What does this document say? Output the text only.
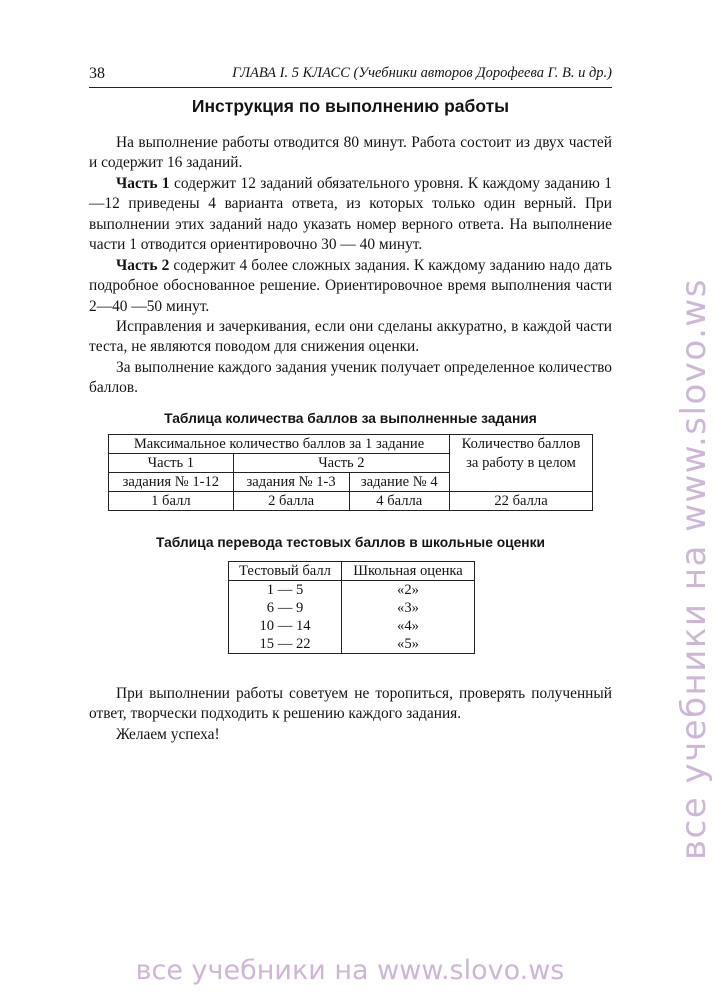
38	ГЛАВА I. 5 КЛАСС (Учебники авторов Дорофеева Г. В. и др.)
Инструкция по выполнению работы

На выполнение работы отводится 80 минут. Работа состоит из двух частей и содержит 16 заданий.

Часть 1 содержит 12 заданий обязательного уровня. К каждому заданию 1—12 приведены 4 варианта ответа, из которых только один верный. При выполнении этих заданий надо указать номер верного ответа. На выполнение части 1 отводится ориентировочно 30 — 40 минут.

Часть 2 содержит 4 более сложных задания. К каждому заданию надо дать подробное обоснованное решение. Ориентировочное время выполнения части 2—40 —50 минут.

Исправления и зачеркивания, если они сделаны аккуратно, в каждой части теста, не являются поводом для снижения оценки.

За выполнение каждого задания ученик получает определенное количество баллов.

Таблица количества баллов за выполненные задания
Максимальное количество баллов за 1 задание			Количество баллов
Часть 1	Часть 2		за работу в целом
задания № 1-12	задания № 1-3	задание № 4	
1 балл	2 балла	4 балла	22 балла
Таблица перевода тестовых баллов в школьные оценки
Тестовый балл	Школьная оценка
1 — 5	«2»
6 — 9	«3»
10 — 14	«4»
15 — 22	«5»

При выполнении работы советуем не торопиться, проверять полученный ответ, творчески подходить к решению каждого задания.

Желаем успеха!	все учебники на www.slovo.ws
все учебники на www.slovo.ws
